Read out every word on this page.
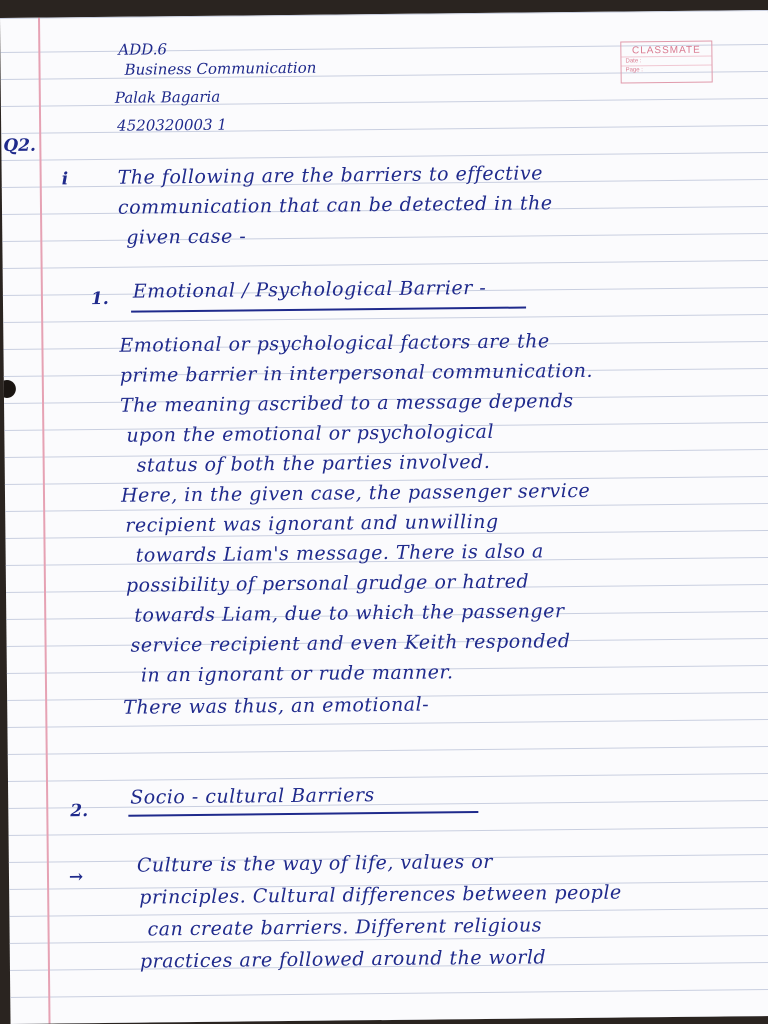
CLASSMATE
Date :
Page :
ADD.6
Business Communication
Palak Bagaria
4520320003 1
Q2.
i	The following are the barriers to effective
communication that can be detected in the
given case -
1. Emotional / Psychological Barrier -
Emotional or psychological factors are the
prime barrier in interpersonal communication.
The meaning ascribed to a message depends
upon the emotional or psychological
status of both the parties involved.
Here, in the given case, the passenger service
recipient was ignorant and unwilling
towards Liam's message. There is also a
possibility of personal grudge or hatred
towards Liam, due to which the passenger
service recipient and even Keith responded
in an ignorant or rude manner.
There was thus, an emotional-
2.
Socio - cultural Barriers
→
Culture is the way of life, values or
principles. Cultural differences between people
can create barriers. Different religious
practices are followed around the world
